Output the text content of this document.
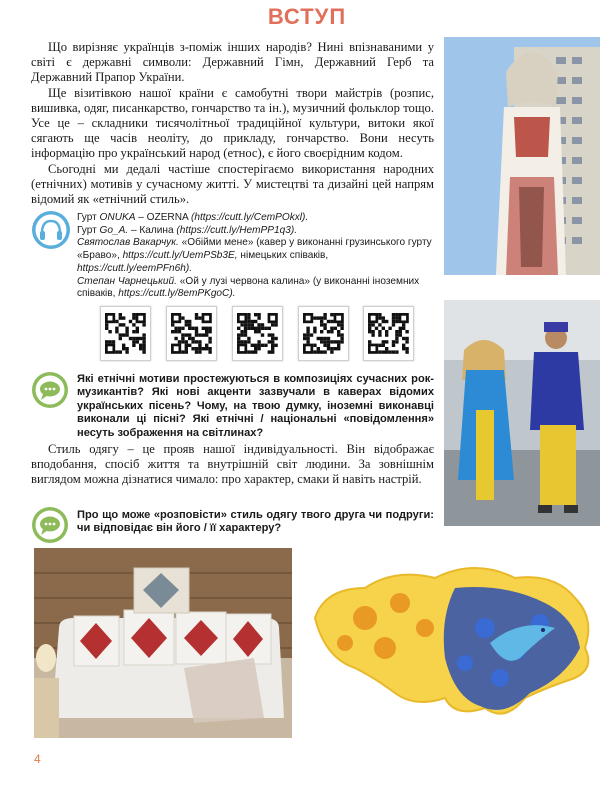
ВСТУП

Що вирізняє українців з-поміж інших народів? Нині впізнаваними у світі є державні символи: Державний Гімн, Державний Герб та Державний Прапор України.

Ще візитівкою нашої країни є самобутні твори майстрів (розпис, вишивка, одяг, писанкарство, гончарство та ін.), музичний фольклор тощо. Усе це – складники тисячолітньої традиційної культури, витоки якої сягають ще часів неоліту, до прикладу, гончарство. Вони несуть інформацію про український народ (етнос), є його своєрідним кодом.

Сьогодні ми дедалі частіше спостерігаємо використання народних (етнічних) мотивів у сучасному житті. У мистецтві та дизайні цей напрям відомий як «етнічний стиль».

Гурт ONUKA – OZERNA (https://cutt.ly/CemPOkxl).

Гурт Go_A. – Калина (https://cutt.ly/HemPP1q3).

Святослав Вакарчук. «Обійми мене» (кавер у виконанні грузинського гурту «Браво», https://cutt.ly/UemPSb3E, німецьких співаків, https://cutt.ly/eemPFn6h).

Степан Чарнецький. «Ой у лузі червона калина» (у виконанні іноземних співаків, https://cutt.ly/8emPKgoC).

Які етнічні мотиви простежуються в композиціях сучасних рок-музикантів? Які нові акценти зазвучали в каверах відомих українських пісень? Чому, на твою думку, іноземні виконавці виконали ці пісні? Які етнічні / національні «повідомлення» несуть зображення на світлинах?

Стиль одягу – це прояв нашої індивідуальності. Він відображає вподобання, спосіб життя та внутрішній світ людини. За зовнішнім виглядом можна дізнатися чимало: про характер, смаки й навіть настрій.

Про що може «розповісти» стиль одягу твого друга чи подруги: чи відповідає він його / її характеру?
4
